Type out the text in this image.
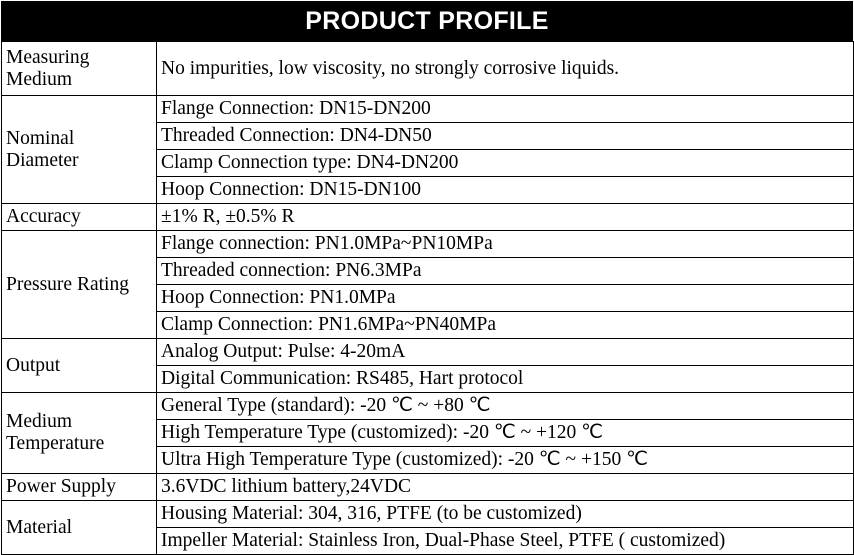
PRODUCT PROFILE
Measuring
Medium	No impurities, low viscosity, no strongly corrosive liquids.
Nominal
Diameter	Flange Connection: DN15-DN200
	Threaded Connection: DN4-DN50
	Clamp Connection type: DN4-DN200
	Hoop Connection: DN15-DN100
Accuracy	±1% R, ±0.5% R
Pressure Rating	Flange connection: PN1.0MPa~PN10MPa
	Threaded connection: PN6.3MPa
	Hoop Connection: PN1.0MPa
	Clamp Connection: PN1.6MPa~PN40MPa
Output	Analog Output: Pulse: 4-20mA
	Digital Communication: RS485, Hart protocol
Medium
Temperature	General Type (standard): -20 ℃ ~ +80 ℃
	High Temperature Type (customized): -20 ℃ ~ +120 ℃
	Ultra High Temperature Type (customized): -20 ℃ ~ +150 ℃
Power Supply	3.6VDC lithium battery,24VDC
Material	Housing Material: 304, 316, PTFE (to be customized)
	Impeller Material: Stainless Iron, Dual-Phase Steel, PTFE ( customized)
